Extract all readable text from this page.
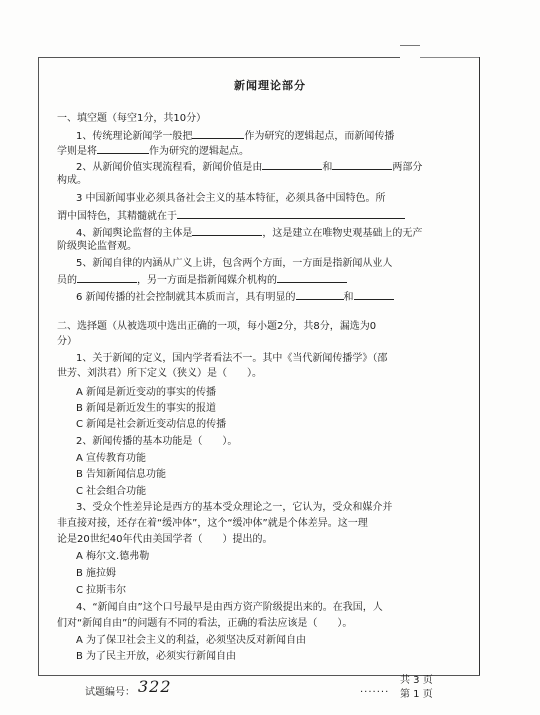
新闻理论部分
一、填空题（每空1分，共10分）
1、传统理论新闻学一般把	作为研究的逻辑起点，而新闻传播
学则是将	作为研究的逻辑起点。
2、从新闻价值实现流程看，新闻价值是由	和	两部分
构成。
3 中国新闻事业必须具备社会主义的基本特征，必须具备中国特色。所
谓中国特色，其精髓就在于
4、新闻舆论监督的主体是	，这是建立在唯物史观基础上的无产
阶级舆论监督观。
5、新闻自律的内涵从广义上讲，包含两个方面，一方面是指新闻从业人
员的	，另一方面是指新闻媒介机构的
6 新闻传播的社会控制就其本质而言，具有明显的	和
二、选择题（从被选项中选出正确的一项，每小题2分，共8分，漏选为0
分）
1、关于新闻的定义，国内学者看法不一。其中《当代新闻传播学》（邵
世芳、刘洪君）所下定义（狭义）是（　　）。
A 新闻是新近变动的事实的传播
B 新闻是新近发生的事实的报道
C 新闻是社会新近变动信息的传播
2、新闻传播的基本功能是（　　）。
A 宣传教育功能
B 告知新闻信息功能
C 社会组合功能
3、受众个性差异论是西方的基本受众理论之一，它认为，受众和媒介并
非直接对接，还存在着“缓冲体”，这个“缓冲体”就是个体差异。这一理
论是20世纪40年代由美国学者（　　）提出的。
A 梅尔文.德弗勒
B 施拉姆
C 拉斯韦尔
4、“新闻自由”这个口号最早是由西方资产阶级提出来的。在我国，人
们对“新闻自由”的问题有不同的看法，正确的看法应该是（　　）。
A 为了保卫社会主义的利益，必须坚决反对新闻自由
B 为了民主开放，必须实行新闻自由
试题编号： 322	.......
共 3 页
第 1 页
